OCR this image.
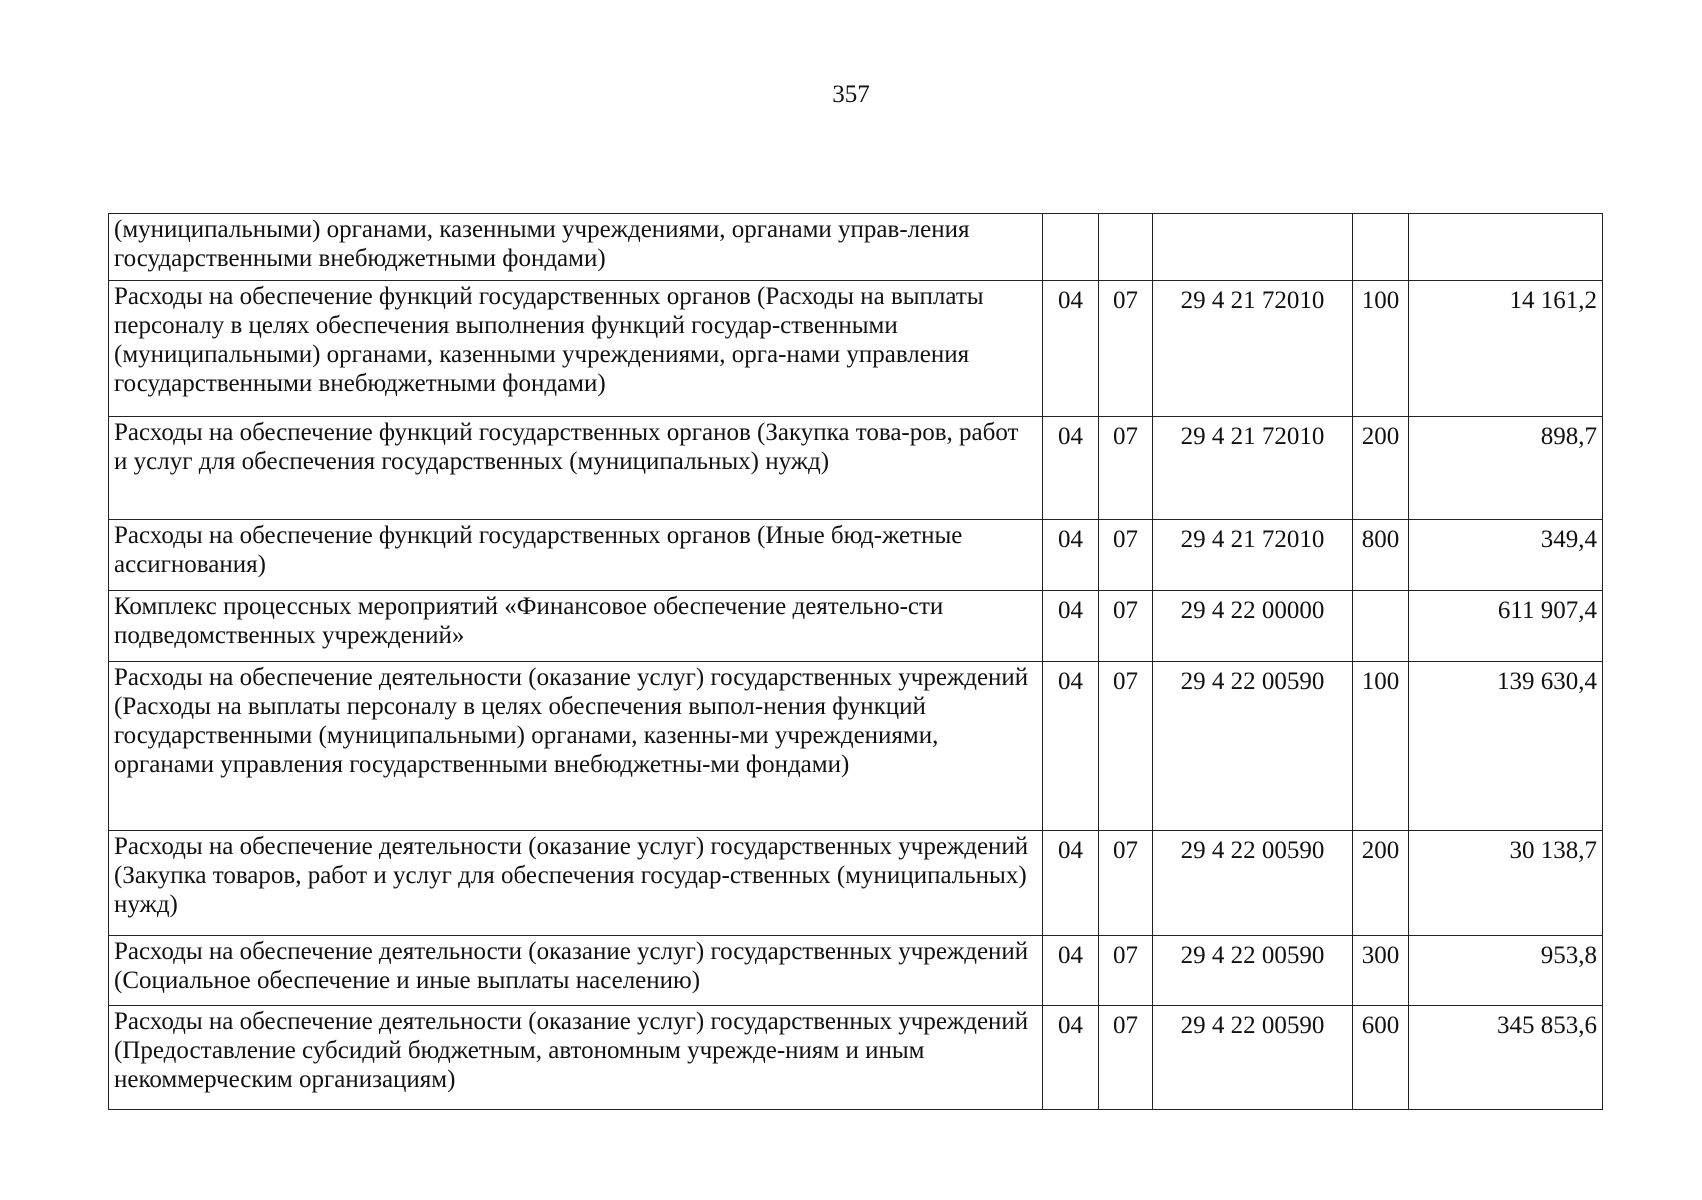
357
(муниципальными) органами, казенными учреждениями, органами управ-ления государственными внебюджетными фондами)					
Расходы на обеспечение функций государственных органов (Расходы на выплаты персоналу в целях обеспечения выполнения функций государ-ственными (муниципальными) органами, казенными учреждениями, орга-нами управления государственными внебюджетными фондами)	04	07	29 4 21 72010	100	14 161,2
Расходы на обеспечение функций государственных органов (Закупка това-ров, работ и услуг для обеспечения государственных (муниципальных) нужд)	04	07	29 4 21 72010	200	898,7
Расходы на обеспечение функций государственных органов (Иные бюд-жетные ассигнования)	04	07	29 4 21 72010	800	349,4
Комплекс процессных мероприятий «Финансовое обеспечение деятельно-сти подведомственных учреждений»	04	07	29 4 22 00000		611 907,4
Расходы на обеспечение деятельности (оказание услуг) государственных учреждений (Расходы на выплаты персоналу в целях обеспечения выпол-нения функций государственными (муниципальными) органами, казенны-ми учреждениями, органами управления государственными внебюджетны-ми фондами)	04	07	29 4 22 00590	100	139 630,4
Расходы на обеспечение деятельности (оказание услуг) государственных учреждений (Закупка товаров, работ и услуг для обеспечения государ-ственных (муниципальных) нужд)	04	07	29 4 22 00590	200	30 138,7
Расходы на обеспечение деятельности (оказание услуг) государственных учреждений (Социальное обеспечение и иные выплаты населению)	04	07	29 4 22 00590	300	953,8
Расходы на обеспечение деятельности (оказание услуг) государственных учреждений (Предоставление субсидий бюджетным, автономным учрежде-ниям и иным некоммерческим организациям)	04	07	29 4 22 00590	600	345 853,6
